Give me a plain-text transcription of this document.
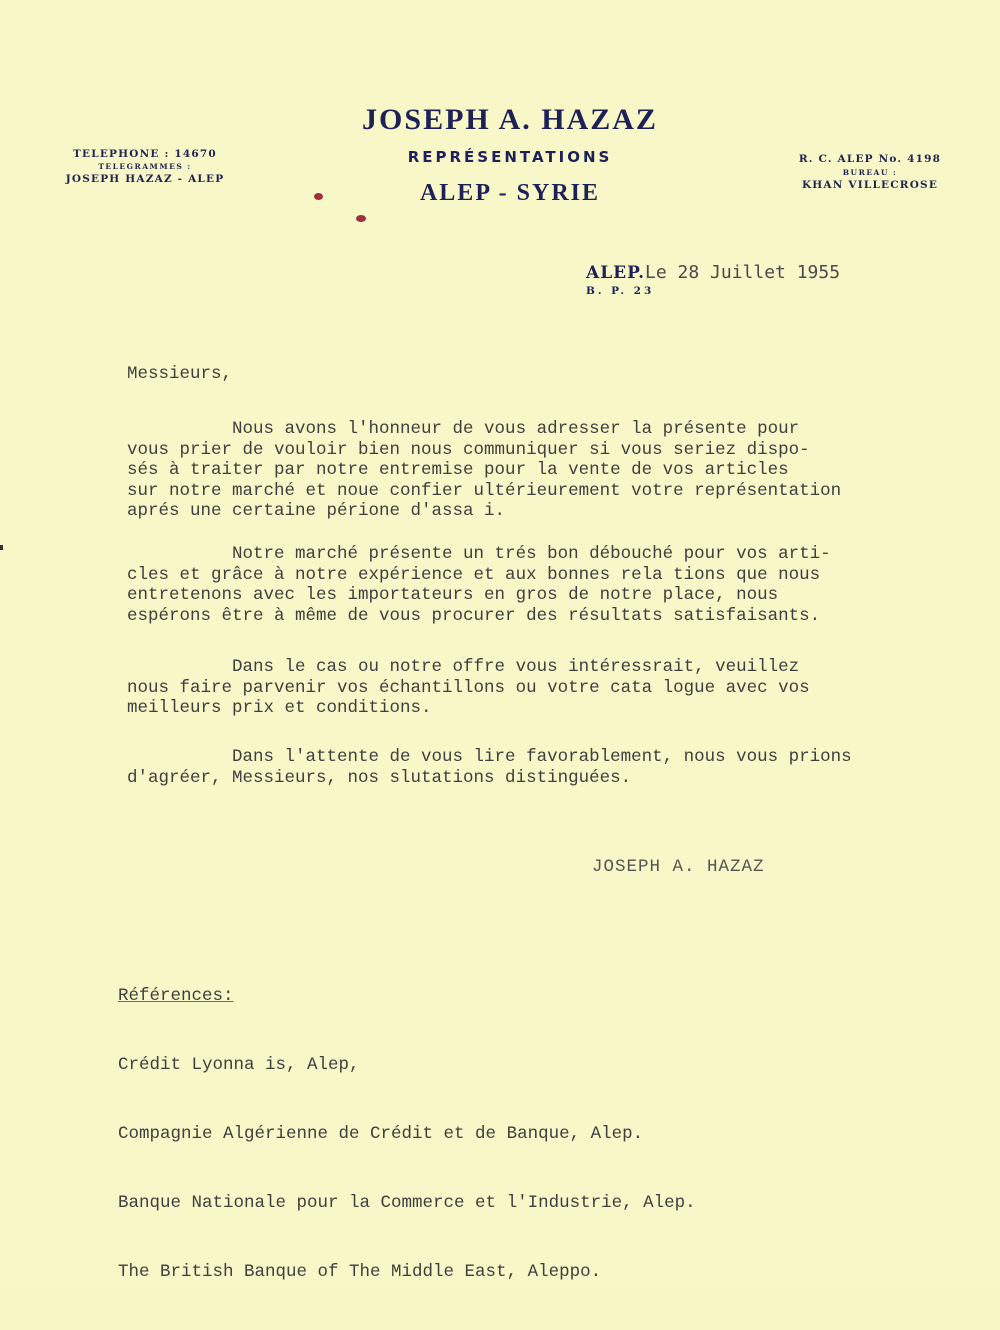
TELEPHONE : 14670
TELEGRAMMES :
JOSEPH HAZAZ - ALEP
JOSEPH A. HAZAZ
REPRÉSENTATIONS
ALEP - SYRIE
R. C. ALEP No. 4198
BUREAU :
KHAN VILLECROSE
ALEP.Le 28 Juillet 1955
B. P. 23
Messieurs,
Nous avons l'honneur de vous adresser la présente pour
vous prier de vouloir bien nous communiquer si vous seriez dispo-
sés à traiter par notre entremise pour la vente de vos articles
sur notre marché et noue confier ultérieurement votre représentation
aprés une certaine périone d'assa i.
Notre marché présente un trés bon débouché pour vos arti-
cles et grâce à notre expérience et aux bonnes rela tions que nous
entretenons avec les importateurs en gros de notre place, nous
espérons être à même de vous procurer des résultats satisfaisants.
Dans le cas ou notre offre vous intéressrait, veuillez
nous faire parvenir vos échantillons ou votre cata logue avec vos
meilleurs prix et conditions.
Dans l'attente de vous lire favorablement, nous vous prions
d'agréer, Messieurs, nos slutations distinguées.
JOSEPH A. HAZAZ

Références:

Crédit Lyonna is, Alep,

Compagnie Algérienne de Crédit et de Banque, Alep.

Banque Nationale pour la Commerce et l'Industrie, Alep.

The British Banque of The Middle East, Aleppo.
